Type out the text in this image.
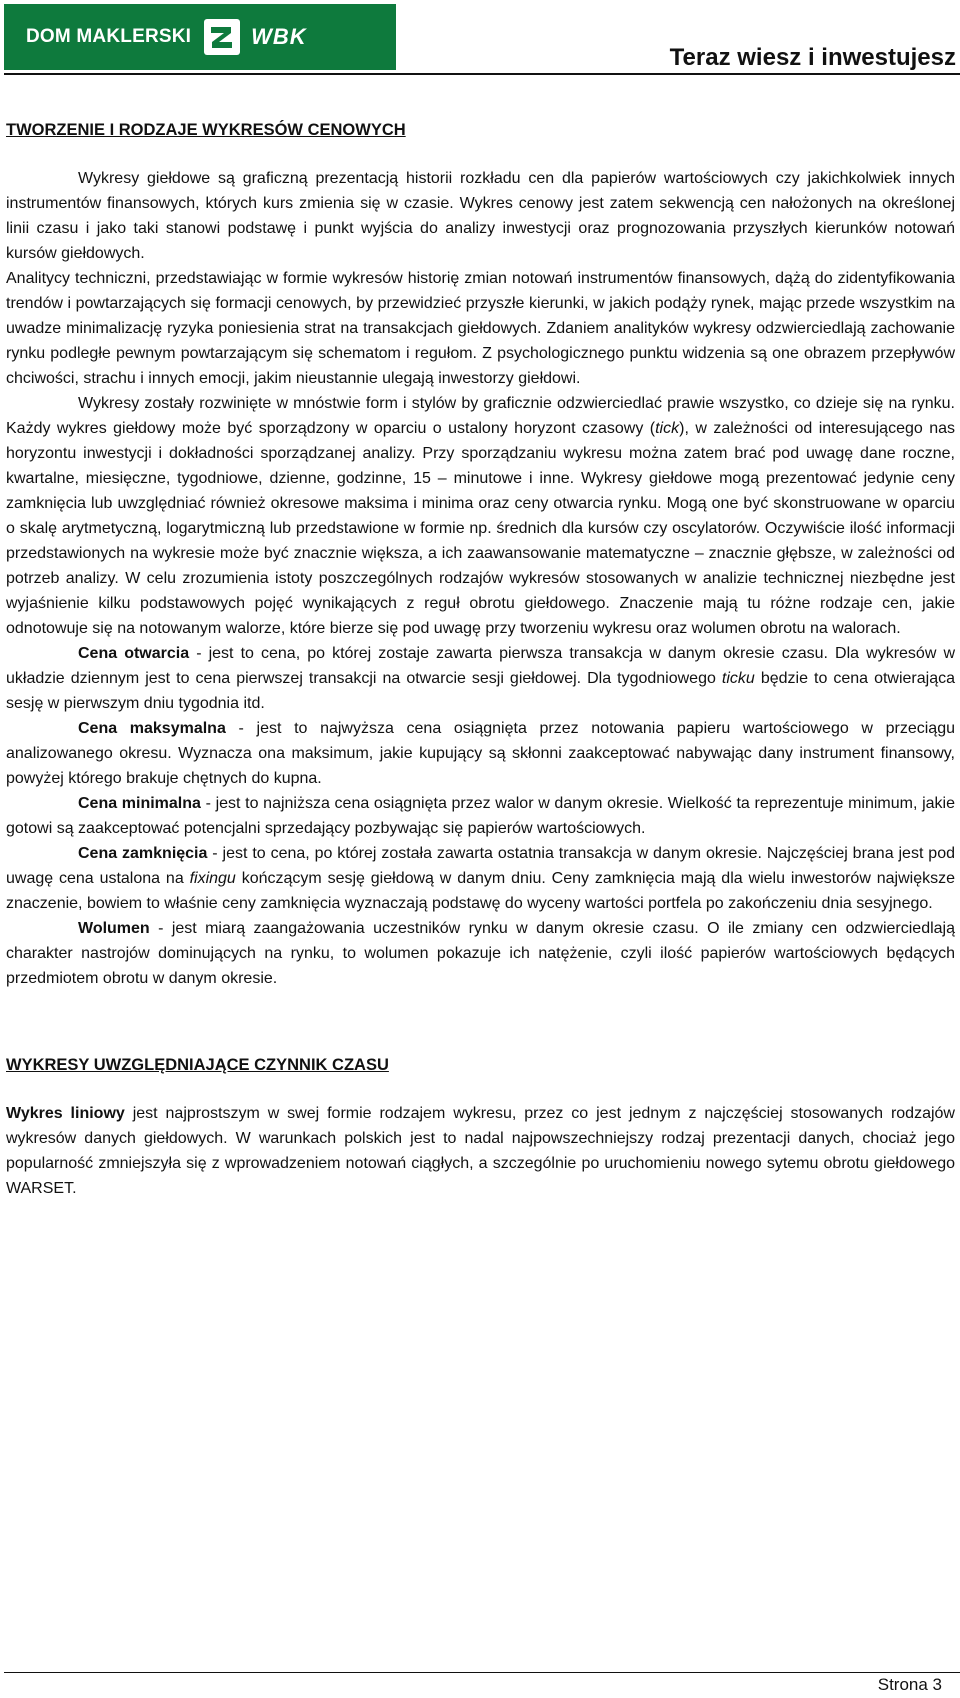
DOM MAKLERSKI	WBK
Teraz wiesz i inwestujesz
TWORZENIE I RODZAJE WYKRESÓW CENOWYCH

Wykresy giełdowe są graficzną prezentacją historii rozkładu cen dla papierów wartościowych czy jakichkolwiek innych instrumentów finansowych, których kurs zmienia się w czasie. Wykres cenowy jest zatem sekwencją cen nałożonych na określonej linii czasu i jako taki stanowi podstawę i punkt wyjścia do analizy inwestycji oraz prognozowania przyszłych kierunków notowań kursów giełdowych.

Analitycy techniczni, przedstawiając w formie wykresów historię zmian notowań instrumentów finansowych, dążą do zidentyfikowania trendów i powtarzających się formacji cenowych, by przewidzieć przyszłe kierunki, w jakich podąży rynek, mając przede wszystkim na uwadze minimalizację ryzyka poniesienia strat na transakcjach giełdowych. Zdaniem analityków wykresy odzwierciedlają zachowanie rynku podległe pewnym powtarzającym się schematom i regułom. Z psychologicznego punktu widzenia są one obrazem przepływów chciwości, strachu i innych emocji, jakim nieustannie ulegają inwestorzy giełdowi.

Wykresy zostały rozwinięte w mnóstwie form i stylów by graficznie odzwierciedlać prawie wszystko, co dzieje się na rynku. Każdy wykres giełdowy może być sporządzony w oparciu o ustalony horyzont czasowy (tick), w zależności od interesującego nas horyzontu inwestycji i dokładności sporządzanej analizy. Przy sporządzaniu wykresu można zatem brać pod uwagę dane roczne, kwartalne, miesięczne, tygodniowe, dzienne, godzinne, 15 – minutowe i inne. Wykresy giełdowe mogą prezentować jedynie ceny zamknięcia lub uwzględniać również okresowe maksima i minima oraz ceny otwarcia rynku. Mogą one być skonstruowane w oparciu o skalę arytmetyczną, logarytmiczną lub przedstawione w formie np. średnich dla kursów czy oscylatorów. Oczywiście ilość informacji przedstawionych na wykresie może być znacznie większa, a ich zaawansowanie matematyczne – znacznie głębsze, w zależności od potrzeb analizy. W celu zrozumienia istoty poszczególnych rodzajów wykresów stosowanych w analizie technicznej niezbędne jest wyjaśnienie kilku podstawowych pojęć wynikających z reguł obrotu giełdowego. Znaczenie mają tu różne rodzaje cen, jakie odnotowuje się na notowanym walorze, które bierze się pod uwagę przy tworzeniu wykresu oraz wolumen obrotu na walorach.

Cena otwarcia - jest to cena, po której zostaje zawarta pierwsza transakcja w danym okresie czasu. Dla wykresów w układzie dziennym jest to cena pierwszej transakcji na otwarcie sesji giełdowej. Dla tygodniowego ticku będzie to cena otwierająca sesję w pierwszym dniu tygodnia itd.

Cena maksymalna - jest to najwyższa cena osiągnięta przez notowania papieru wartościowego w przeciągu analizowanego okresu. Wyznacza ona maksimum, jakie kupujący są skłonni zaakceptować nabywając dany instrument finansowy, powyżej którego brakuje chętnych do kupna.

Cena minimalna - jest to najniższa cena osiągnięta przez walor w danym okresie. Wielkość ta reprezentuje minimum, jakie gotowi są zaakceptować potencjalni sprzedający pozbywając się papierów wartościowych.

Cena zamknięcia - jest to cena, po której została zawarta ostatnia transakcja w danym okresie. Najczęściej brana jest pod uwagę cena ustalona na fixingu kończącym sesję giełdową w danym dniu. Ceny zamknięcia mają dla wielu inwestorów największe znaczenie, bowiem to właśnie ceny zamknięcia wyznaczają podstawę do wyceny wartości portfela po zakończeniu dnia sesyjnego.

Wolumen - jest miarą zaangażowania uczestników rynku w danym okresie czasu. O ile zmiany cen odzwierciedlają charakter nastrojów dominujących na rynku, to wolumen pokazuje ich natężenie, czyli ilość papierów wartościowych będących przedmiotem obrotu w danym okresie.

WYKRESY UWZGLĘDNIAJĄCE CZYNNIK CZASU

Wykres liniowy jest najprostszym w swej formie rodzajem wykresu, przez co jest jednym z najczęściej stosowanych rodzajów wykresów danych giełdowych. W warunkach polskich jest to nadal najpowszechniejszy rodzaj prezentacji danych, chociaż jego popularność zmniejszyła się z wprowadzeniem notowań ciągłych, a szczególnie po uruchomieniu nowego sytemu obrotu giełdowego WARSET.

Strona 3
